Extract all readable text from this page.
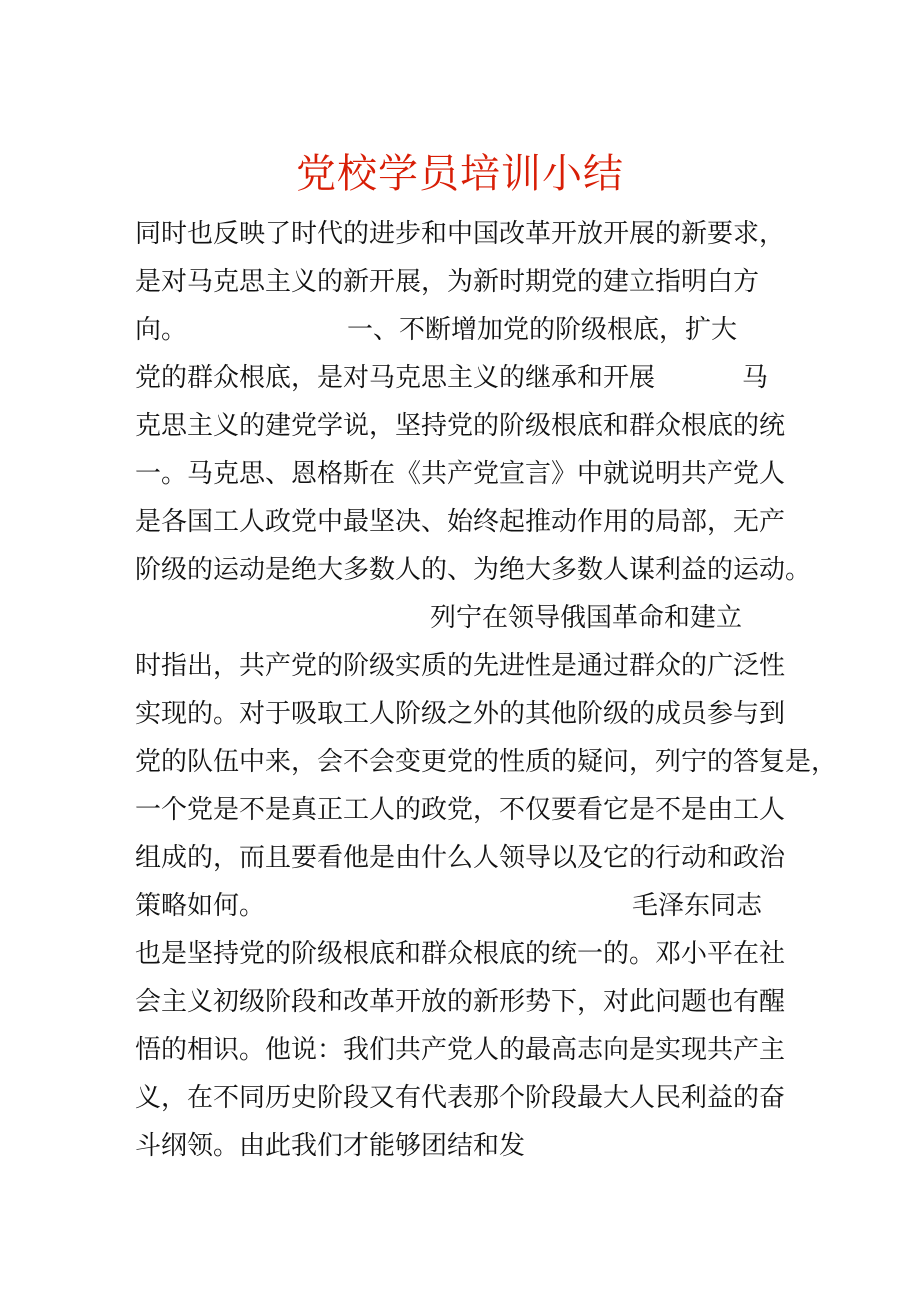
党校学员培训小结
同时也反映了时代的进步和中国改革开放开展的新要求，
是对马克思主义的新开展，为新时期党的建立指明白方
向。	一、不断增加党的阶级根底，扩大
党的群众根底，是对马克思主义的继承和开展	马
克思主义的建党学说，坚持党的阶级根底和群众根底的统
一。马克思、恩格斯在《共产党宣言》中就说明共产党人
是各国工人政党中最坚决、始终起推动作用的局部，无产
阶级的运动是绝大多数人的、为绝大多数人谋利益的运动。
列宁在领导俄国革命和建立
时指出，共产党的阶级实质的先进性是通过群众的广泛性
实现的。对于吸取工人阶级之外的其他阶级的成员参与到
党的队伍中来，会不会变更党的性质的疑问，列宁的答复是，
一个党是不是真正工人的政党，不仅要看它是不是由工人
组成的，而且要看他是由什么人领导以及它的行动和政治
策略如何。	毛泽东同志
也是坚持党的阶级根底和群众根底的统一的。邓小平在社
会主义初级阶段和改革开放的新形势下，对此问题也有醒
悟的相识。他说：我们共产党人的最高志向是实现共产主
义，在不同历史阶段又有代表那个阶段最大人民利益的奋
斗纲领。由此我们才能够团结和发
